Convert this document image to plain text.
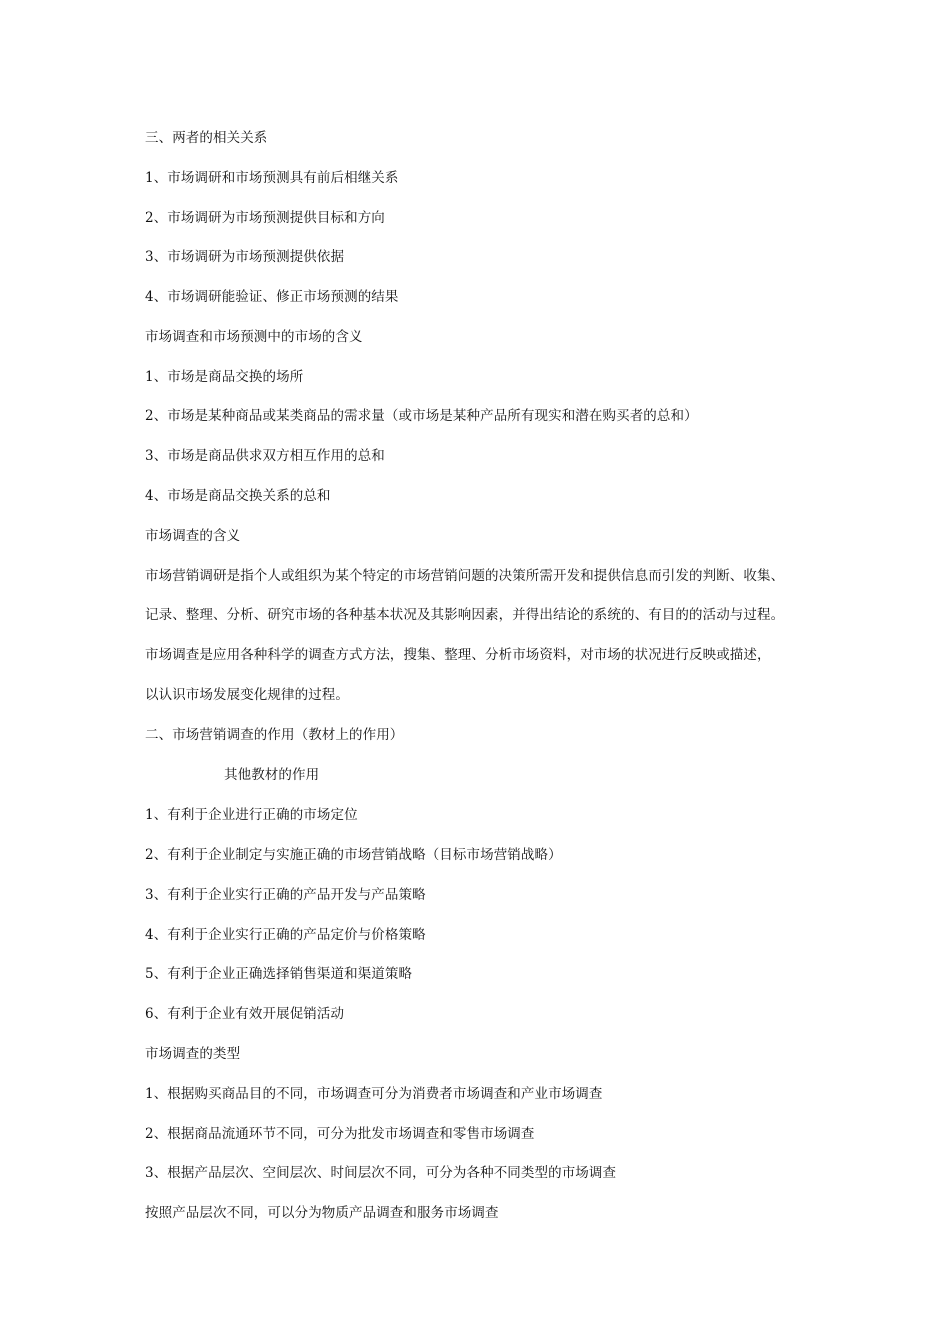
三、两者的相关关系
1、市场调研和市场预测具有前后相继关系
2、市场调研为市场预测提供目标和方向
3、市场调研为市场预测提供依据
4、市场调研能验证、修正市场预测的结果
市场调查和市场预测中的市场的含义
1、市场是商品交换的场所
2、市场是某种商品或某类商品的需求量（或市场是某种产品所有现实和潜在购买者的总和）
3、市场是商品供求双方相互作用的总和
4、市场是商品交换关系的总和
市场调查的含义
市场营销调研是指个人或组织为某个特定的市场营销问题的决策所需开发和提供信息而引发的判断、收集、
记录、整理、分析、研究市场的各种基本状况及其影响因素，并得出结论的系统的、有目的的活动与过程。
市场调查是应用各种科学的调查方式方法，搜集、整理、分析市场资料，对市场的状况进行反映或描述，
以认识市场发展变化规律的过程。
二、市场营销调查的作用（教材上的作用）
其他教材的作用
1、有利于企业进行正确的市场定位
2、有利于企业制定与实施正确的市场营销战略（目标市场营销战略）
3、有利于企业实行正确的产品开发与产品策略
4、有利于企业实行正确的产品定价与价格策略
5、有利于企业正确选择销售渠道和渠道策略
6、有利于企业有效开展促销活动
市场调查的类型
1、根据购买商品目的不同，市场调查可分为消费者市场调查和产业市场调查
2、根据商品流通环节不同，可分为批发市场调查和零售市场调查
3、根据产品层次、空间层次、时间层次不同，可分为各种不同类型的市场调查
按照产品层次不同，可以分为物质产品调查和服务市场调查
